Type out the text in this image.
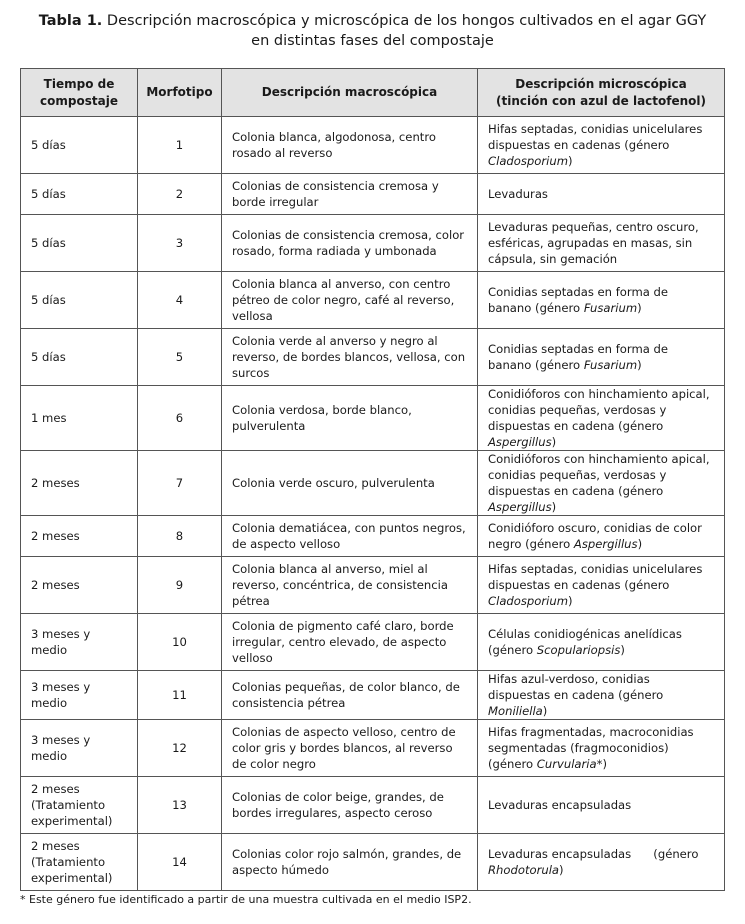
Tabla 1. Descripción macroscópica y microscópica de los hongos cultivados en el agar GGY
en distintas fases del compostaje
Tiempo de compostaje	Morfotipo	Descripción macroscópica	Descripción microscópica
(tinción con azul de lactofenol)

5 días	1	Colonia blanca, algodonosa, centro rosado al reverso	Hifas septadas, conidias unicelulares dispuestas en cadenas (género Cladosporium)
5 días	2	Colonias de consistencia cremosa y borde irregular	Levaduras
5 días	3	Colonias de consistencia cremosa, color rosado, forma radiada y umbonada	Levaduras pequeñas, centro oscuro, esféricas, agrupadas en masas, sin cápsula, sin gemación
5 días	4	Colonia blanca al anverso, con centro pétreo de color negro, café al reverso, vellosa	Conidias septadas en forma de banano (género Fusarium)
5 días	5	Colonia verde al anverso y negro al reverso, de bordes blancos, vellosa, con surcos	Conidias septadas en forma de banano (género Fusarium)
1 mes	6	Colonia verdosa, borde blanco, pulverulenta	Conidióforos con hinchamiento apical, conidias pequeñas, verdosas y dispuestas en cadena (género Aspergillus)
2 meses	7	Colonia verde oscuro, pulverulenta	Conidióforos con hinchamiento apical, conidias pequeñas, verdosas y dispuestas en cadena (género Aspergillus)
2 meses	8	Colonia dematiácea, con puntos negros, de aspecto velloso	Conidióforo oscuro, conidias de color negro (género Aspergillus)
2 meses	9	Colonia blanca al anverso, miel al reverso, concéntrica, de consistencia pétrea	Hifas septadas, conidias unicelulares dispuestas en cadenas (género Cladosporium)
3 meses y medio	10	Colonia de pigmento café claro, borde irregular, centro elevado, de aspecto velloso	Células conidiogénicas anelídicas (género Scopulariopsis)
3 meses y medio	11	Colonias pequeñas, de color blanco, de consistencia pétrea	Hifas azul-verdoso, conidias dispuestas en cadena (género Moniliella)
3 meses y medio	12	Colonias de aspecto velloso, centro de color gris y bordes blancos, al reverso de color negro	Hifas fragmentadas, macroconidias segmentadas (fragmoconidios) (género Curvularia*)
2 meses (Tratamiento experimental)	13	Colonias de color beige, grandes, de bordes irregulares, aspecto ceroso	Levaduras encapsuladas
2 meses (Tratamiento experimental)	14	Colonias color rojo salmón, grandes, de aspecto húmedo	Levaduras encapsuladas      (género Rhodotorula)
* Este género fue identificado a partir de una muestra cultivada en el medio ISP2.
